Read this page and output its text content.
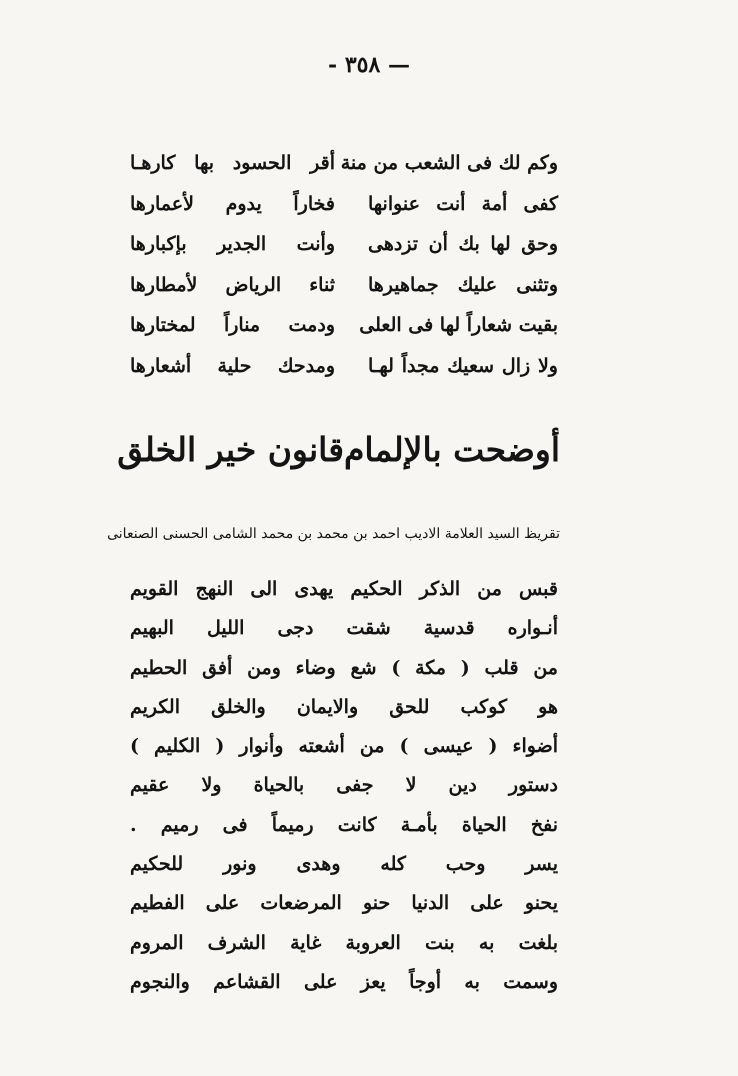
— ٣٥٨ -
وكم لك فى الشعب من منة
أقر الحسود بها كارهـا
كفى أمة أنت عنوانها
فخاراً يدوم لأعمارها
وحق لها بك أن تزدهى
وأنت الجدير بإكبارها
وتثنى عليك جماهيرها
ثناء الرياض لأمطارها
بقيت شعاراً لها فى العلى
ودمت مناراً لمختارها
ولا زال سعيك مجداً لهـا
ومدحك حلية أشعارها
أوضحت بالإلمام
قانون خير الخلق
تقريظ السيد العلامة الاديب احمد بن محمد بن محمد الشامى الحسنى الصنعانى
قبس من الذكر الحكيم يهدى الى النهج القويم
أنـواره قدسية شقت دجى الليل البهيم
من قلب ( مكة ) شع وضاء ومن أفق الحطيم
هو كوكب للحق والايمان والخلق الكريم
أضواء ( عيسى ) من أشعته وأنوار ( الكليم )
دستور دين لا جفى بالحياة ولا عقيم
نفخ الحياة بأمـة كانت رميماً فى رميم .
يسر وحب كله وهدى ونور للحكيم
يحنو على الدنيا حنو المرضعات على الفطيم
بلغت به بنت العروبة غاية الشرف المروم
وسمت به أوجاً يعز على القشاعم والنجوم
